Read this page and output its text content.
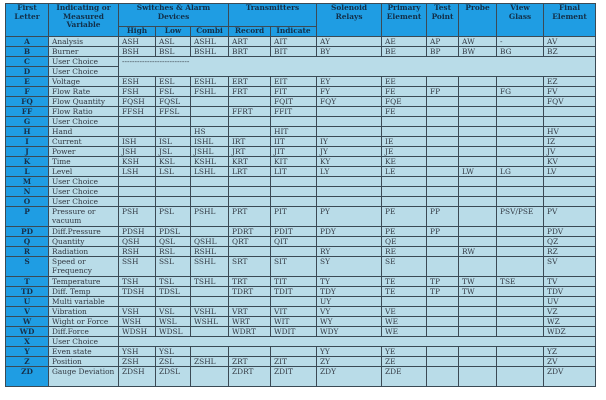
First Letter	Indicating or Measured Variable	Switches & Alarm Devices			Transmitters		Solenoid Relays	Primary Element	Test Point	Probe	View Glass	Final Element
		High	Low	Combi	Record	Indicate						
A	Analysis	ASH	ASL	ASHL	ART	AIT	AY	AE	AP	AW	-	AV
B	Burner	BSH	BSL	BSHL	BRT	BIT	BY	BE	BP	BW	BG	BZ
C	User Choice	---------------------------										
D	User Choice											
E	Voltage	ESH	ESL	ESHL	ERT	EIT	EY	EE				EZ
F	Flow Rate	FSH	FSL	FSHL	FRT	FIT	FY	FE	FP		FG	FV
FQ	Flow Quantity	FQSH	FQSL			FQIT	FQY	FQE				FQV
FF	Flow Ratio	FFSH	FFSL		FFRT	FFIT		FE				
G	User Choice											
H	Hand			HS		HIT						HV
I	Current	ISH	ISL	ISHL	IRT	IIT	IY	IE				IZ
J	Power	JSH	JSL	JSHL	JRT	JIT	JY	JE				JV
K	Time	KSH	KSL	KSHL	KRT	KIT	KY	KE				KV
L	Level	LSH	LSL	LSHL	LRT	LIT	LY	LE		LW	LG	LV
M	User Choice											
N	User Choice											
O	User Choice											
P	Pressure or vacuum	PSH	PSL	PSHL	PRT	PIT	PY	PE	PP		PSV/PSE	PV
PD	Diff.Pressure	PDSH	PDSL		PDRT	PDIT	PDY	PE	PP			PDV
Q	Quantity	QSH	QSL	QSHL	QRT	QIT		QE				QZ
R	Radiation	RSH	RSL	RSHL			RY	RE		RW		RZ
S	Speed or Frequency	SSH	SSL	SSHL	SRT	SIT	SY	SE				SV
T	Temperature	TSH	TSL	TSHL	TRT	TIT	TY	TE	TP	TW	TSE	TV
TD	Diff. Temp	TDSH	TDSL		TDRT	TDIT	TDY	TE	TP	TW		TDV
U	Multi variable						UY					UV
V	Vibration	VSH	VSL	VSHL	VRT	VIT	VY	VE				VZ
W	Wight or Force	WSH	WSL	WSHL	WRT	WIT	WY	WE				WZ
WD	Diff.Force	WDSH	WDSL		WDRT	WDIT	WDY	WE				WDZ
X	User Choice											
Y	Even state	YSH	YSL				YY	YE				YZ
Z	Position	ZSH	ZSL	ZSHL	ZRT	ZIT	ZY	ZE				ZV
ZD	Gauge Deviation	ZDSH	ZDSL		ZDRT	ZDIT	ZDY	ZDE				ZDV
